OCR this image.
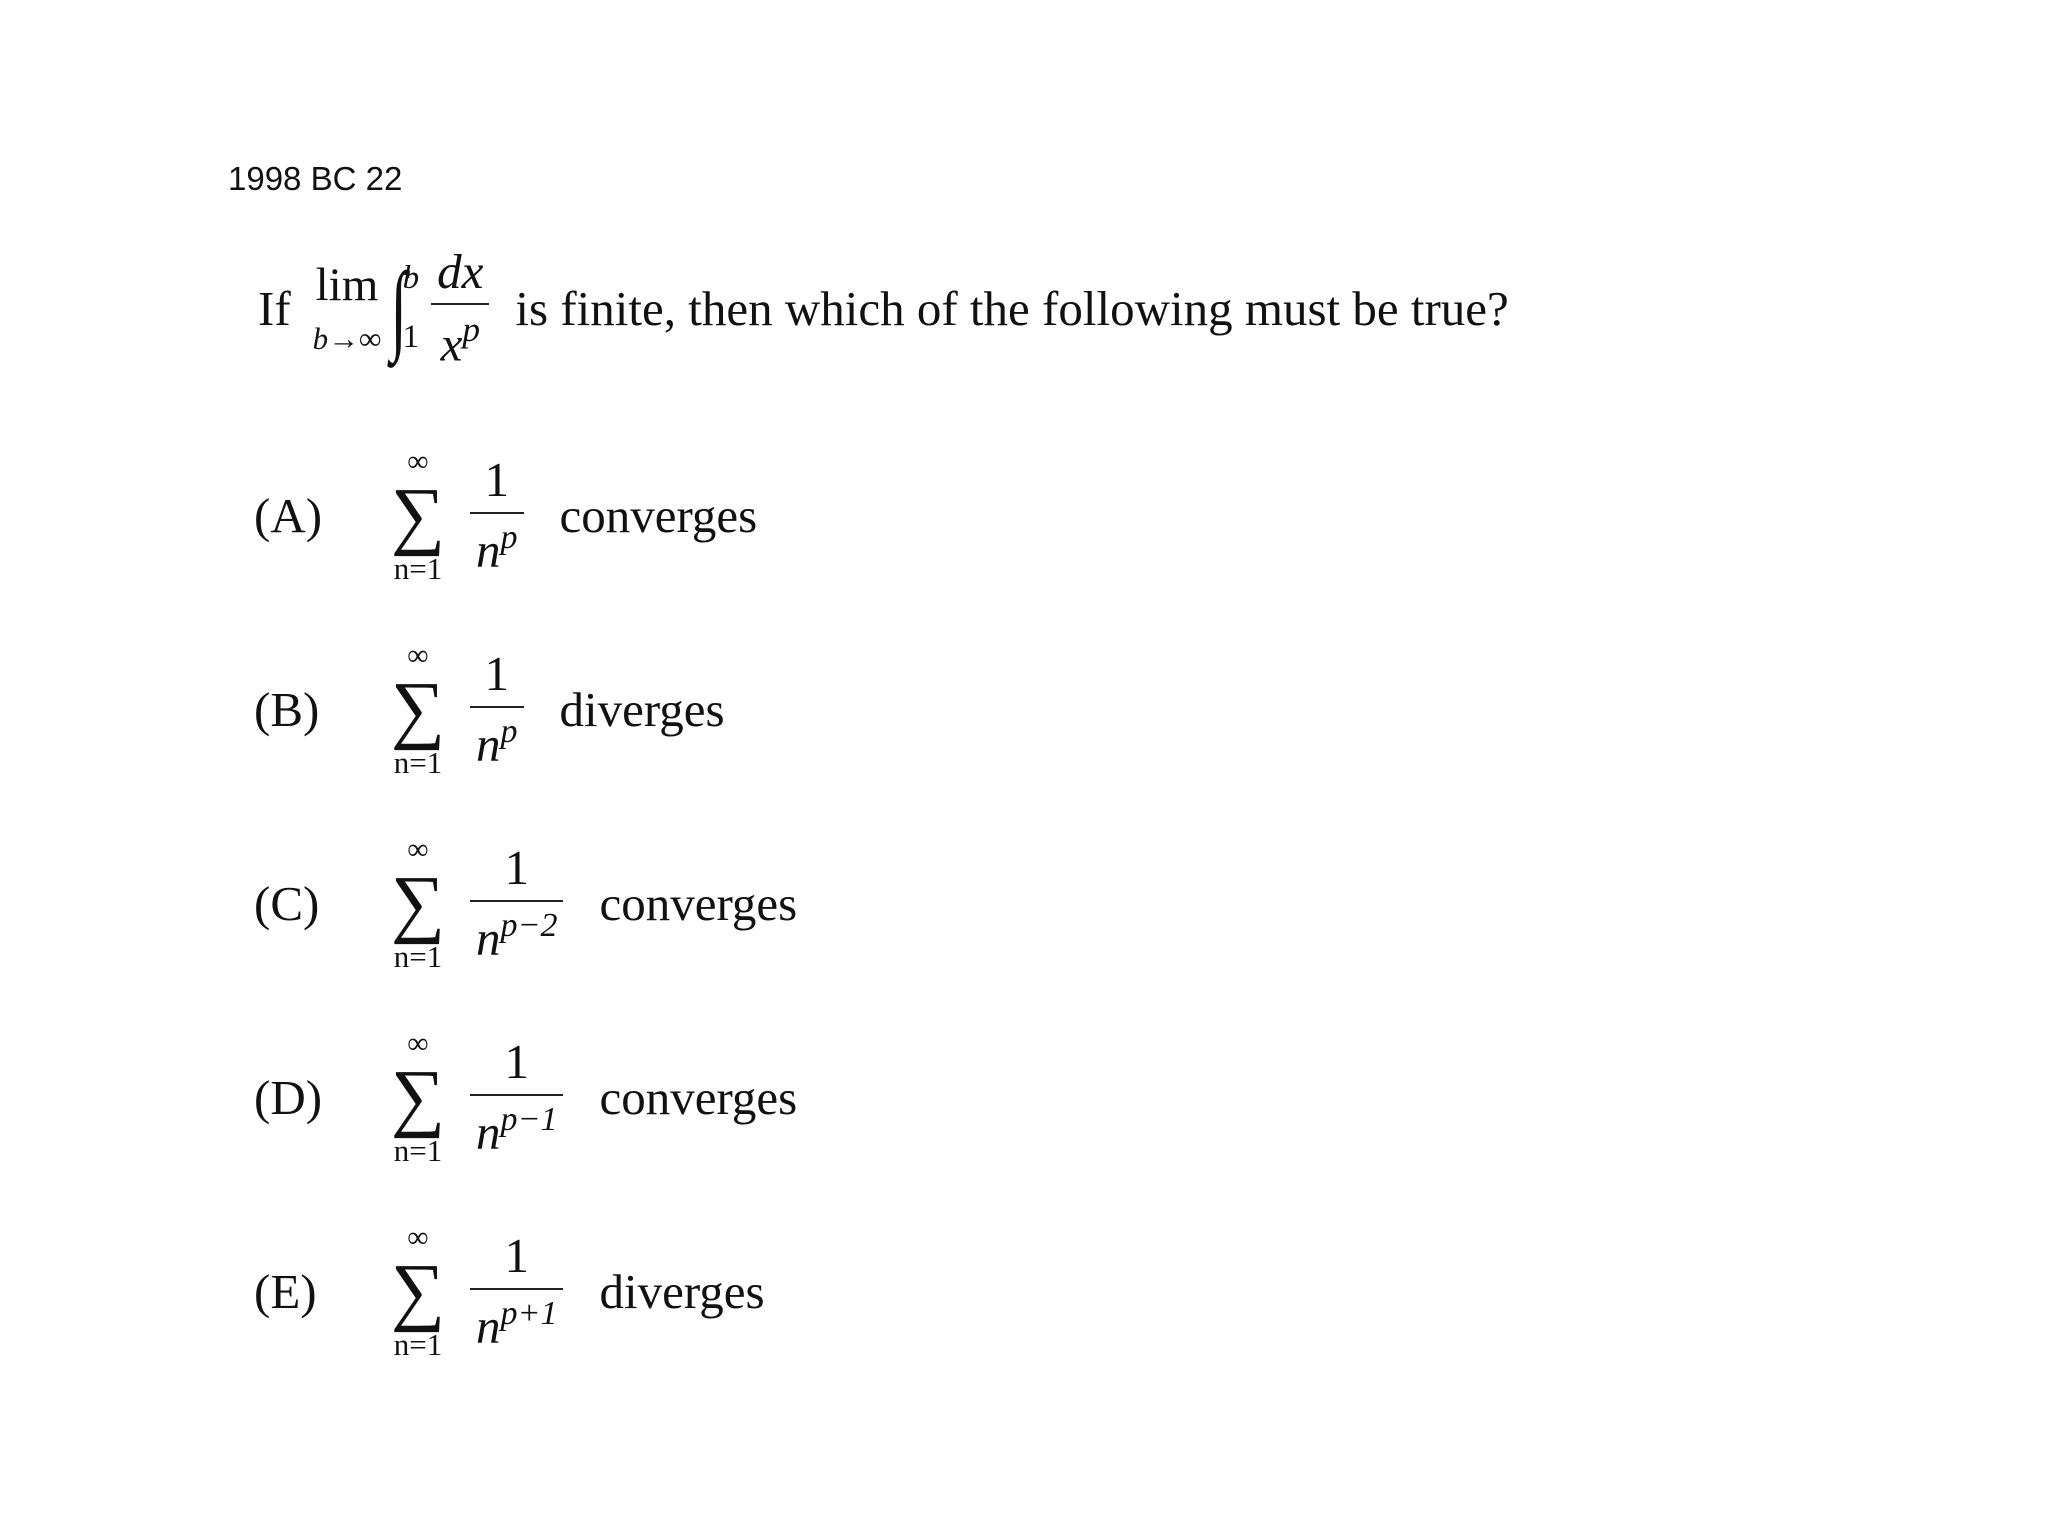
1998 BC 22
If lim
b→∞ ∫
b
$1 \frac{dx}{x^p}$ is finite, then which of the following must be true?
(A)
∞
∑
$n=1 \frac{1}{n^p}$ converges
(B)
∞
∑
$n=1 \frac{1}{n^p}$ diverges
(C)
∞
∑
$n=1 \frac{1}{n^{p-2}}$ converges
(D)
∞
∑
$n=1 \frac{1}{n^{p-1}}$ converges
(E)
∞
∑
$n=1 \frac{1}{n^{p+1}}$ diverges
